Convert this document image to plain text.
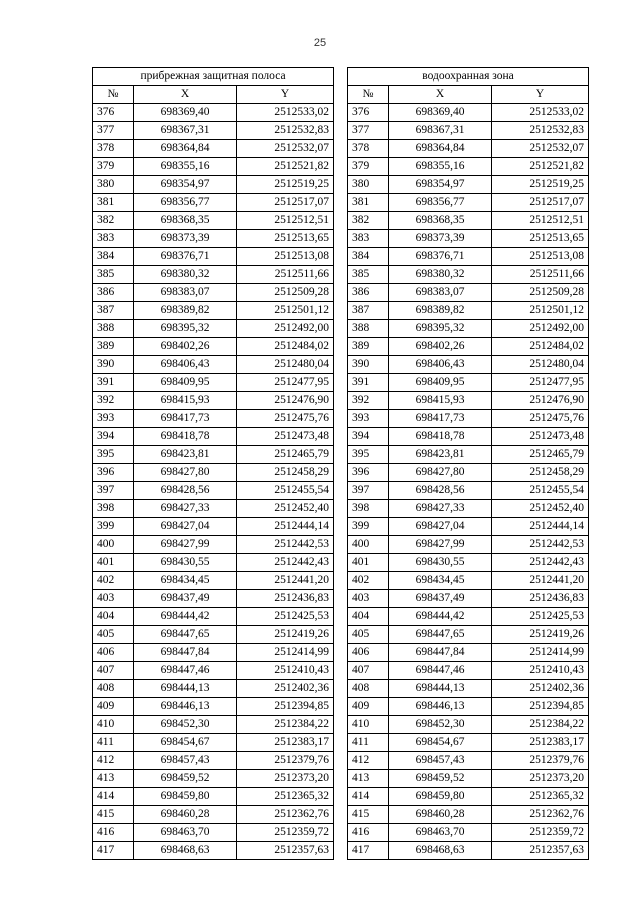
25
прибрежная защитная полоса				водоохранная зона		
№	X	Y		№	X	Y
376	698369,40	2512533,02		376	698369,40	2512533,02
377	698367,31	2512532,83		377	698367,31	2512532,83
378	698364,84	2512532,07		378	698364,84	2512532,07
379	698355,16	2512521,82		379	698355,16	2512521,82
380	698354,97	2512519,25		380	698354,97	2512519,25
381	698356,77	2512517,07		381	698356,77	2512517,07
382	698368,35	2512512,51		382	698368,35	2512512,51
383	698373,39	2512513,65		383	698373,39	2512513,65
384	698376,71	2512513,08		384	698376,71	2512513,08
385	698380,32	2512511,66		385	698380,32	2512511,66
386	698383,07	2512509,28		386	698383,07	2512509,28
387	698389,82	2512501,12		387	698389,82	2512501,12
388	698395,32	2512492,00		388	698395,32	2512492,00
389	698402,26	2512484,02		389	698402,26	2512484,02
390	698406,43	2512480,04		390	698406,43	2512480,04
391	698409,95	2512477,95		391	698409,95	2512477,95
392	698415,93	2512476,90		392	698415,93	2512476,90
393	698417,73	2512475,76		393	698417,73	2512475,76
394	698418,78	2512473,48		394	698418,78	2512473,48
395	698423,81	2512465,79		395	698423,81	2512465,79
396	698427,80	2512458,29		396	698427,80	2512458,29
397	698428,56	2512455,54		397	698428,56	2512455,54
398	698427,33	2512452,40		398	698427,33	2512452,40
399	698427,04	2512444,14		399	698427,04	2512444,14
400	698427,99	2512442,53		400	698427,99	2512442,53
401	698430,55	2512442,43		401	698430,55	2512442,43
402	698434,45	2512441,20		402	698434,45	2512441,20
403	698437,49	2512436,83		403	698437,49	2512436,83
404	698444,42	2512425,53		404	698444,42	2512425,53
405	698447,65	2512419,26		405	698447,65	2512419,26
406	698447,84	2512414,99		406	698447,84	2512414,99
407	698447,46	2512410,43		407	698447,46	2512410,43
408	698444,13	2512402,36		408	698444,13	2512402,36
409	698446,13	2512394,85		409	698446,13	2512394,85
410	698452,30	2512384,22		410	698452,30	2512384,22
411	698454,67	2512383,17		411	698454,67	2512383,17
412	698457,43	2512379,76		412	698457,43	2512379,76
413	698459,52	2512373,20		413	698459,52	2512373,20
414	698459,80	2512365,32		414	698459,80	2512365,32
415	698460,28	2512362,76		415	698460,28	2512362,76
416	698463,70	2512359,72		416	698463,70	2512359,72
417	698468,63	2512357,63		417	698468,63	2512357,63
